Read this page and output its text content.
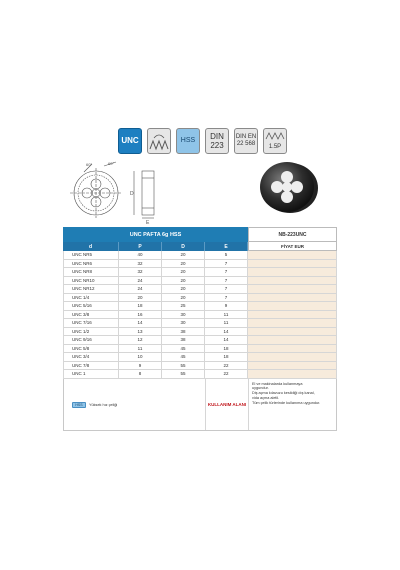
UNC	HSS DIN
223
DIN EN
22 568	1.5P
60°	60°
D
E
UNC PAFTA 6g HSS	NB-223UNC
d	P	D	E	FİYAT EUR
UNC NR5	40	20	5
UNC NR6	32	20	7
UNC NR8	32	20	7
UNC NR10	24	20	7
UNC NR12	24	20	7
UNC 1/4	20	20	7
UNC 5/16	18	25	9
UNC 3/8	16	30	11
UNC 7/16	14	30	11
UNC 1/2	13	38	14
UNC 9/16	12	38	14
UNC 5/8	11	45	18
UNC 3/4	10	45	18
UNC 7/8	9	55	22
UNC 1	8	55	22
HSS	Yüksek hız çeliği	KULLANIM ALANI
El ve makinalarda kullanmaya
uygundur.
Diş açma kılavuzu kesildiği dış kanal,
vida açma aletli.
Tüm çelik türlerinde kullanıma uygundur.
